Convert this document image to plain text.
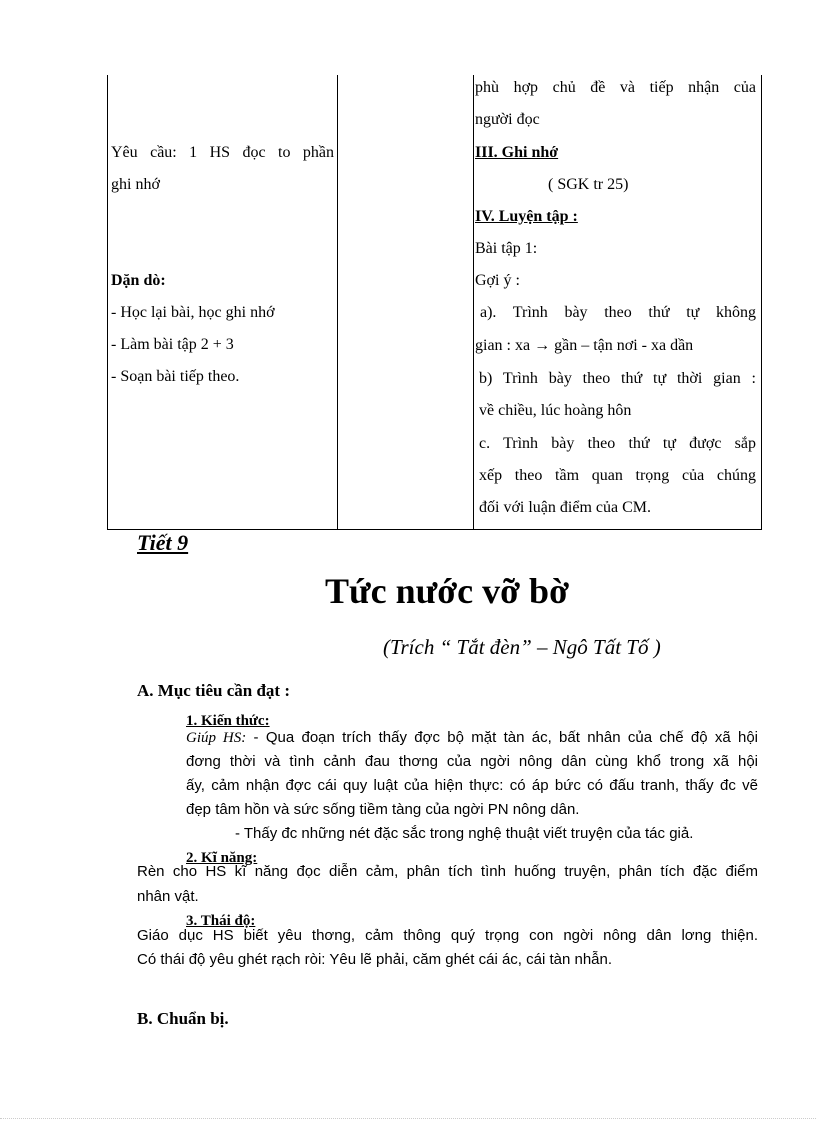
Yêu cầu: 1 HS đọc to phần
ghi nhớ
Dặn dò:
- Học lại bài, học ghi nhớ
- Làm bài tập 2 + 3
- Soạn bài tiếp theo.
phù hợp chủ đề và tiếp nhận của
người đọc
III. Ghi nhớ
( SGK tr 25)
IV. Luyện tập :
Bài tập 1:
Gợi ý :
a). Trình bày theo thứ tự không
gian : xa → gần – tận nơi - xa dần
b) Trình bày theo thứ tự thời gian :
về chiều, lúc hoàng hôn
c. Trình bày theo thứ tự được sắp
xếp theo tầm quan trọng của chúng
đối với luận điểm của CM.
Tiết 9
Tức nước vỡ bờ
(Trích “ Tắt đèn” – Ngô Tất Tố )
A. Mục tiêu cần đạt :
1. Kiến thức:
Giúp HS: - Qua đoạn trích thấy đợc bộ mặt tàn ác, bất nhân của chế độ xã hội
đơng thời và tình cảnh đau thơng của ngời nông dân cùng khổ trong xã hội
ấy, cảm nhận đợc cái quy luật của hiện thực: có áp bức có đấu tranh, thấy đc vẽ
đẹp tâm hồn và sức sống tiềm tàng của ngời PN nông dân.
- Thấy đc những nét đặc sắc trong nghệ thuật viết truyện của tác giả.
2. Kĩ năng:
Rèn cho HS kĩ năng đọc diễn cảm, phân tích tình huống truyện, phân tích đặc điểm
nhân vật.
3. Thái độ:
Giáo dục HS biết yêu thơng, cảm thông quý trọng con ngời nông dân lơng thiện.
Có thái độ yêu ghét rạch ròi: Yêu lẽ phải, căm ghét cái ác, cái tàn nhẫn.
B. Chuẩn bị.
